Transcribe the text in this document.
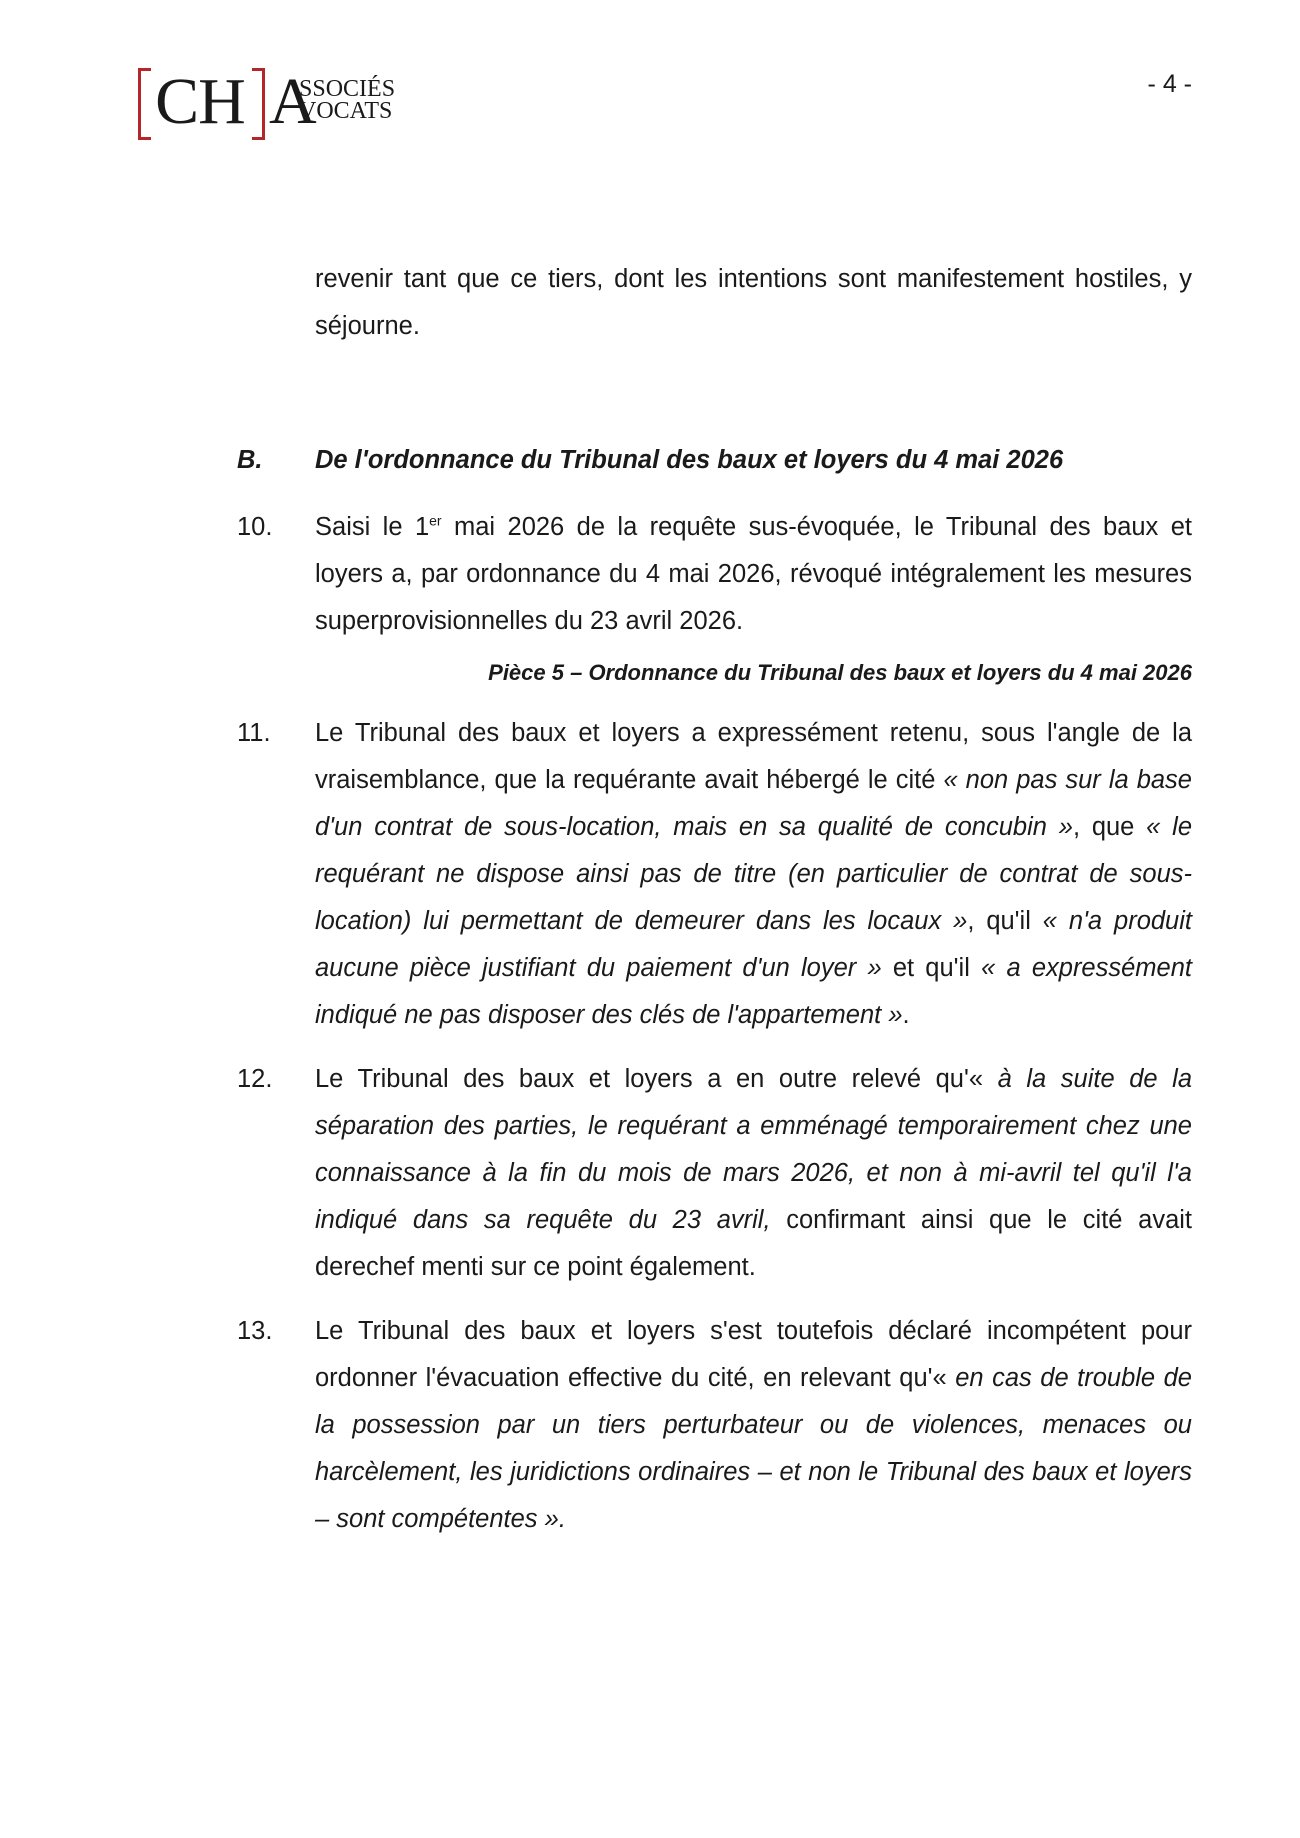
CH A
SSOCIÉS
VOCATS
- 4 -

revenir tant que ce tiers, dont les intentions sont manifestement hostiles, y séjourne.

B.	De l'ordonnance du Tribunal des baux et loyers du 4 mai 2026
10.	Saisi le 1er mai 2026 de la requête sus-évoquée, le Tribunal des baux et loyers a, par ordonnance du 4 mai 2026, révoqué intégralement les mesures superprovisionnelles du 23 avril 2026.
Pièce 5 – Ordonnance du Tribunal des baux et loyers du 4 mai 2026
11.	Le Tribunal des baux et loyers a expressément retenu, sous l'angle de la vraisemblance, que la requérante avait hébergé le cité « non pas sur la base d'un contrat de sous-location, mais en sa qualité de concubin », que « le requérant ne dispose ainsi pas de titre (en particulier de contrat de sous-location) lui permettant de demeurer dans les locaux », qu'il « n'a produit aucune pièce justifiant du paiement d'un loyer » et qu'il « a expressément indiqué ne pas disposer des clés de l'appartement ».
12.	Le Tribunal des baux et loyers a en outre relevé qu'« à la suite de la séparation des parties, le requérant a emménagé temporairement chez une connaissance à la fin du mois de mars 2026, et non à mi-avril tel qu'il l'a indiqué dans sa requête du 23 avril, confirmant ainsi que le cité avait derechef menti sur ce point également.
13.	Le Tribunal des baux et loyers s'est toutefois déclaré incompétent pour ordonner l'évacuation effective du cité, en relevant qu'« en cas de trouble de la possession par un tiers perturbateur ou de violences, menaces ou harcèlement, les juridictions ordinaires – et non le Tribunal des baux et loyers – sont compétentes ».
